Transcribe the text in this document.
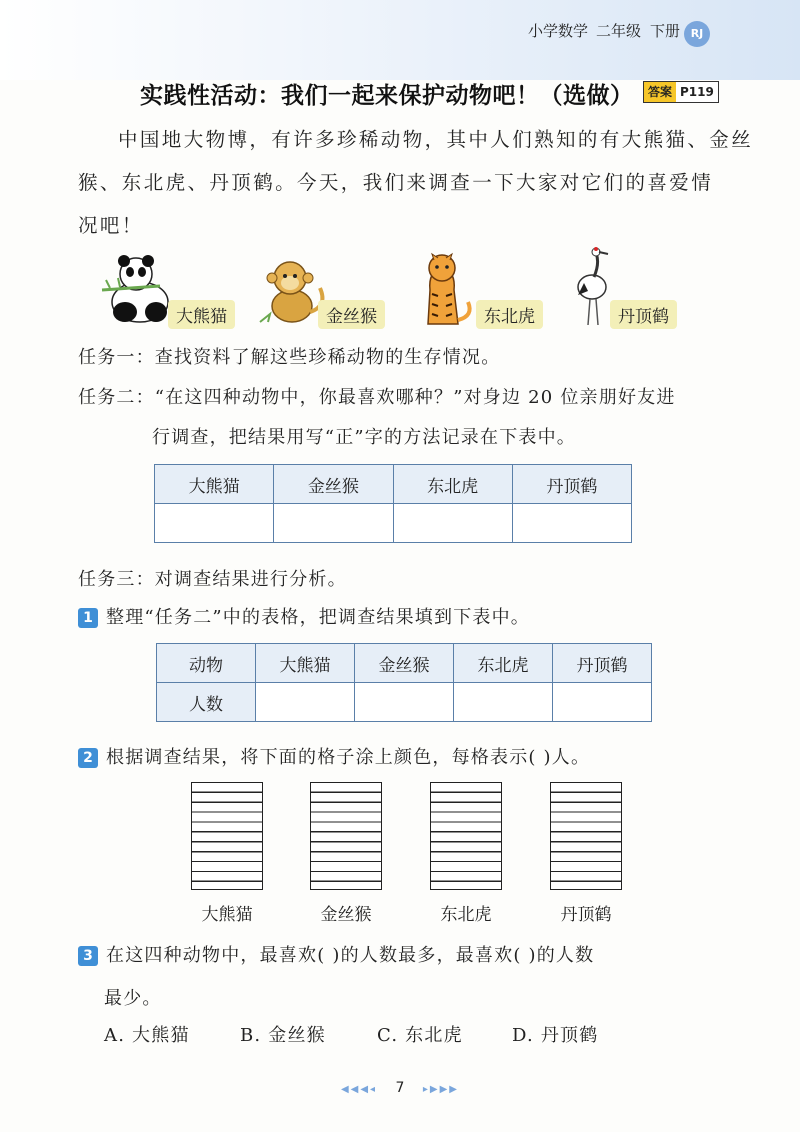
小学数学 二年级 下册 RJ
实践性活动：我们一起来保护动物吧！（选做）	答案 P119
中国地大物博，有许多珍稀动物，其中人们熟知的有大熊猫、金丝
猴、东北虎、丹顶鹤。今天，我们来调查一下大家对它们的喜爱情
况吧！
大熊猫	金丝猴	东北虎	丹顶鹤
任务一：查找资料了解这些珍稀动物的生存情况。
任务二：“在这四种动物中，你最喜欢哪种？”对身边 20 位亲朋好友进
行调查，把结果用写“正”字的方法记录在下表中。
大熊猫	金丝猴	东北虎	丹顶鹤

任务三：对调查结果进行分析。
1 整理“任务二”中的表格，把调查结果填到下表中。
动物	大熊猫	金丝猴	东北虎	丹顶鹤
人数				
2 根据调查结果，将下面的格子涂上颜色，每格表示( )人。
大熊猫	金丝猴	东北虎	丹顶鹤
3 在这四种动物中，最喜欢( )的人数最多，最喜欢( )的人数
最少。
A. 大熊猫	B. 金丝猴	C. 东北虎	D. 丹顶鹤
◀◀◀◂ 7 ▸▶▶▶
